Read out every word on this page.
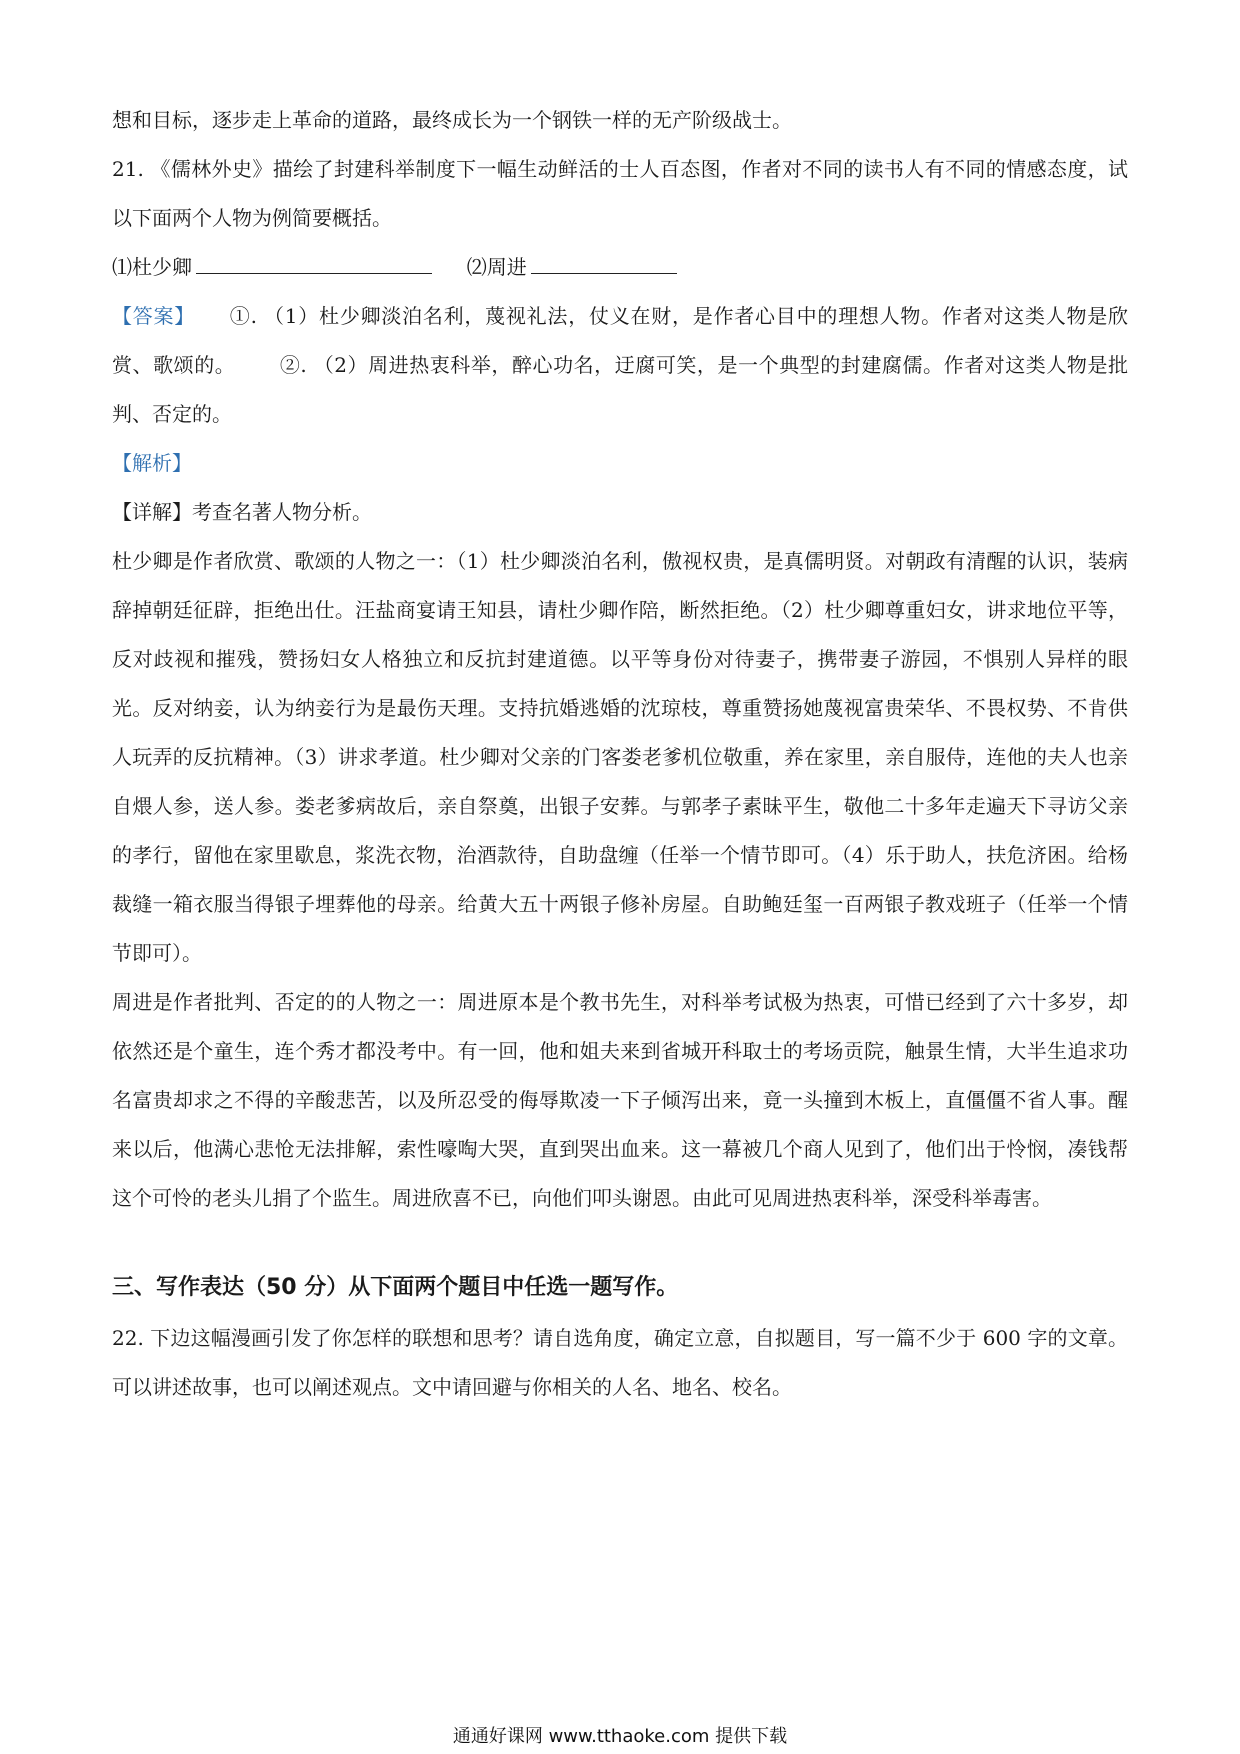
想和目标，逐步走上革命的道路，最终成长为一个钢铁一样的无产阶级战士。

21. 《儒林外史》描绘了封建科举制度下一幅生动鲜活的士人百态图，作者对不同的读书人有不同的情感态度，试以下面两个人物为例简要概括。

⑴杜少卿	⑵周进

【答案】 ①. （1）杜少卿淡泊名利，蔑视礼法，仗义在财，是作者心目中的理想人物。作者对这类人物是欣赏、歌颂的。 ②. （2）周进热衷科举，醉心功名，迂腐可笑，是一个典型的封建腐儒。作者对这类人物是批判、否定的。

【解析】

【详解】考查名著人物分析。

杜少卿是作者欣赏、歌颂的人物之一：（1）杜少卿淡泊名利，傲视权贵，是真儒明贤。对朝政有清醒的认识，装病辞掉朝廷征辟，拒绝出仕。汪盐商宴请王知县，请杜少卿作陪，断然拒绝。（2）杜少卿尊重妇女，讲求地位平等，反对歧视和摧残，赞扬妇女人格独立和反抗封建道德。以平等身份对待妻子，携带妻子游园，不惧别人异样的眼光。反对纳妾，认为纳妾行为是最伤天理。支持抗婚逃婚的沈琼枝，尊重赞扬她蔑视富贵荣华、不畏权势、不肯供人玩弄的反抗精神。（3）讲求孝道。杜少卿对父亲的门客娄老爹机位敬重，养在家里，亲自服侍，连他的夫人也亲自煨人参，送人参。娄老爹病故后，亲自祭奠，出银子安葬。与郭孝子素昧平生，敬他二十多年走遍天下寻访父亲的孝行，留他在家里歇息，浆洗衣物，治酒款待，自助盘缠（任举一个情节即可。（4）乐于助人，扶危济困。给杨裁缝一箱衣服当得银子埋葬他的母亲。给黄大五十两银子修补房屋。自助鲍廷玺一百两银子教戏班子（任举一个情节即可）。

周进是作者批判、否定的的人物之一：周进原本是个教书先生，对科举考试极为热衷，可惜已经到了六十多岁，却依然还是个童生，连个秀才都没考中。有一回，他和姐夫来到省城开科取士的考场贡院，触景生情，大半生追求功名富贵却求之不得的辛酸悲苦，以及所忍受的侮辱欺凌一下子倾泻出来，竟一头撞到木板上，直僵僵不省人事。醒来以后，他满心悲怆无法排解，索性嚎啕大哭，直到哭出血来。这一幕被几个商人见到了，他们出于怜悯，凑钱帮这个可怜的老头儿捐了个监生。周进欣喜不已，向他们叩头谢恩。由此可见周进热衷科举，深受科举毒害。

三、写作表达（50 分）从下面两个题目中任选一题写作。

22. 下边这幅漫画引发了你怎样的联想和思考？请自选角度，确定立意，自拟题目，写一篇不少于 600 字的文章。可以讲述故事，也可以阐述观点。文中请回避与你相关的人名、地名、校名。

通通好课网 www.tthaoke.com 提供下载
